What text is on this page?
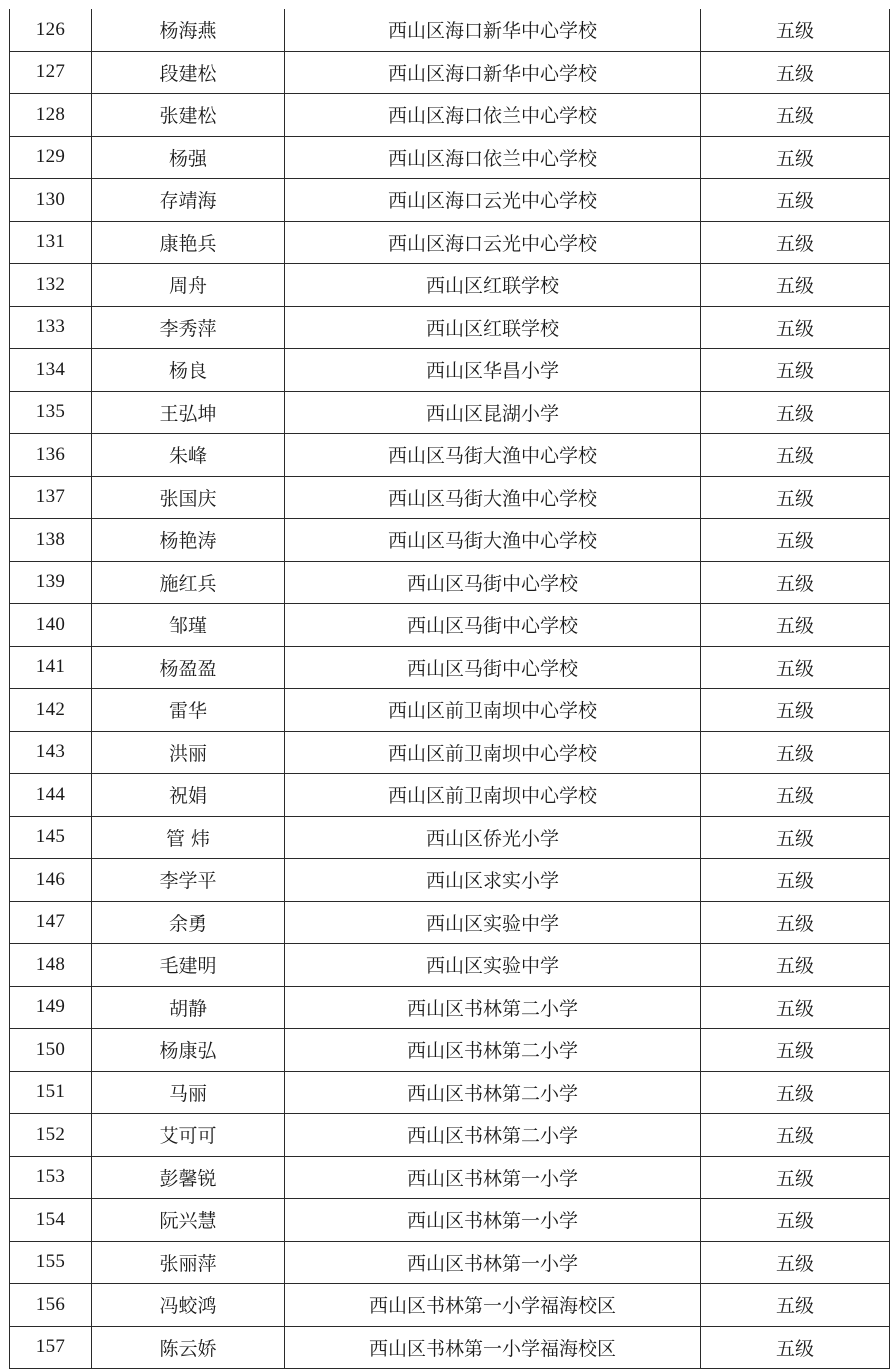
126	杨海燕	西山区海口新华中心学校	五级
127	段建松	西山区海口新华中心学校	五级
128	张建松	西山区海口依兰中心学校	五级
129	杨强	西山区海口依兰中心学校	五级
130	存靖海	西山区海口云光中心学校	五级
131	康艳兵	西山区海口云光中心学校	五级
132	周舟	西山区红联学校	五级
133	李秀萍	西山区红联学校	五级
134	杨良	西山区华昌小学	五级
135	王弘坤	西山区昆湖小学	五级
136	朱峰	西山区马街大渔中心学校	五级
137	张国庆	西山区马街大渔中心学校	五级
138	杨艳涛	西山区马街大渔中心学校	五级
139	施红兵	西山区马街中心学校	五级
140	邹瑾	西山区马街中心学校	五级
141	杨盈盈	西山区马街中心学校	五级
142	雷华	西山区前卫南坝中心学校	五级
143	洪丽	西山区前卫南坝中心学校	五级
144	祝娟	西山区前卫南坝中心学校	五级
145	管 炜	西山区侨光小学	五级
146	李学平	西山区求实小学	五级
147	余勇	西山区实验中学	五级
148	毛建明	西山区实验中学	五级
149	胡静	西山区书林第二小学	五级
150	杨康弘	西山区书林第二小学	五级
151	马丽	西山区书林第二小学	五级
152	艾可可	西山区书林第二小学	五级
153	彭馨锐	西山区书林第一小学	五级
154	阮兴慧	西山区书林第一小学	五级
155	张丽萍	西山区书林第一小学	五级
156	冯蛟鸿	西山区书林第一小学福海校区	五级
157	陈云娇	西山区书林第一小学福海校区	五级
